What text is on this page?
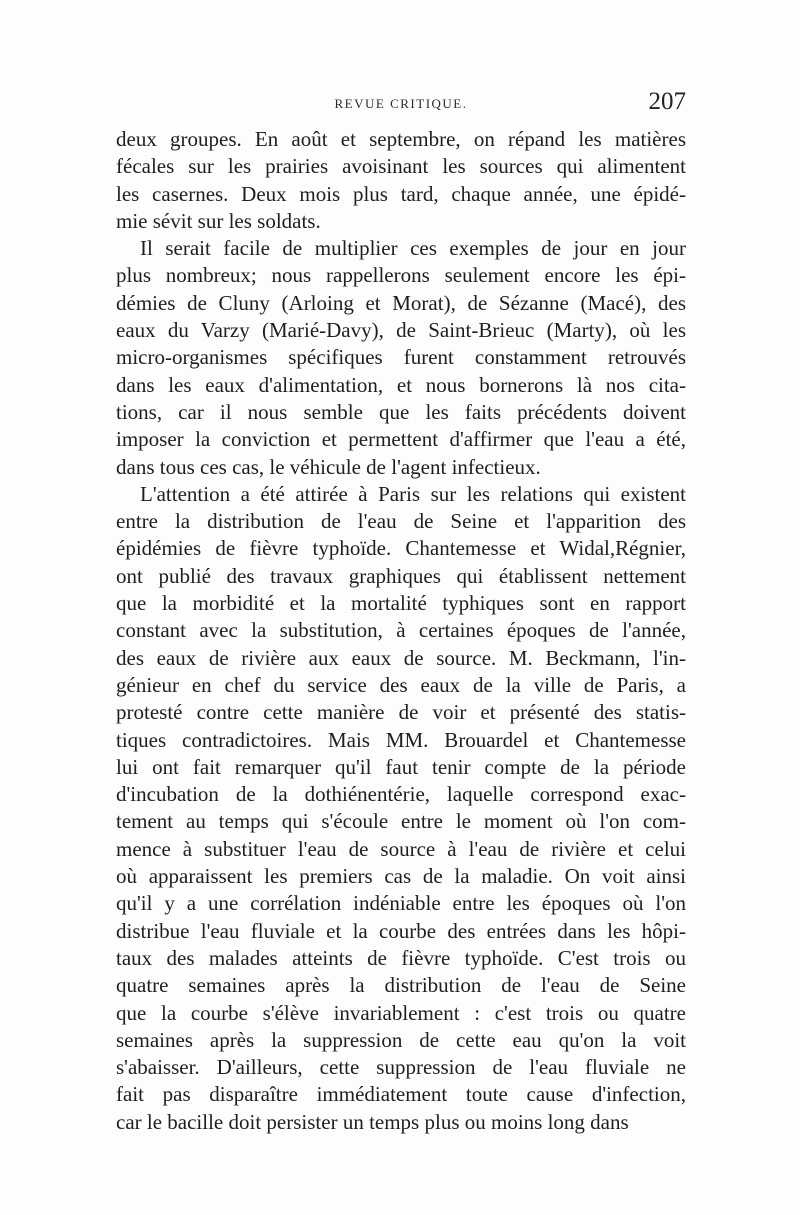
REVUE CRITIQUE.	207
deux groupes. En août et septembre, on répand les matières
fécales sur les prairies avoisinant les sources qui alimentent
les casernes. Deux mois plus tard, chaque année, une épidé-
mie sévit sur les soldats.
Il serait facile de multiplier ces exemples de jour en jour
plus nombreux; nous rappellerons seulement encore les épi-
démies de Cluny (Arloing et Morat), de Sézanne (Macé), des
eaux du Varzy (Marié-Davy), de Saint-Brieuc (Marty), où les
micro-organismes spécifiques furent constamment retrouvés
dans les eaux d'alimentation, et nous bornerons là nos cita-
tions, car il nous semble que les faits précédents doivent
imposer la conviction et permettent d'affirmer que l'eau a été,
dans tous ces cas, le véhicule de l'agent infectieux.
L'attention a été attirée à Paris sur les relations qui existent
entre la distribution de l'eau de Seine et l'apparition des
épidémies de fièvre typhoïde. Chantemesse et Widal,Régnier,
ont publié des travaux graphiques qui établissent nettement
que la morbidité et la mortalité typhiques sont en rapport
constant avec la substitution, à certaines époques de l'année,
des eaux de rivière aux eaux de source. M. Beckmann, l'in-
génieur en chef du service des eaux de la ville de Paris, a
protesté contre cette manière de voir et présenté des statis-
tiques contradictoires. Mais MM. Brouardel et Chantemesse
lui ont fait remarquer qu'il faut tenir compte de la période
d'incubation de la dothiénentérie, laquelle correspond exac-
tement au temps qui s'écoule entre le moment où l'on com-
mence à substituer l'eau de source à l'eau de rivière et celui
où apparaissent les premiers cas de la maladie. On voit ainsi
qu'il y a une corrélation indéniable entre les époques où l'on
distribue l'eau fluviale et la courbe des entrées dans les hôpi-
taux des malades atteints de fièvre typhoïde. C'est trois ou
quatre semaines après la distribution de l'eau de Seine
que la courbe s'élève invariablement : c'est trois ou quatre
semaines après la suppression de cette eau qu'on la voit
s'abaisser. D'ailleurs, cette suppression de l'eau fluviale ne
fait pas disparaître immédiatement toute cause d'infection,
car le bacille doit persister un temps plus ou moins long dans
